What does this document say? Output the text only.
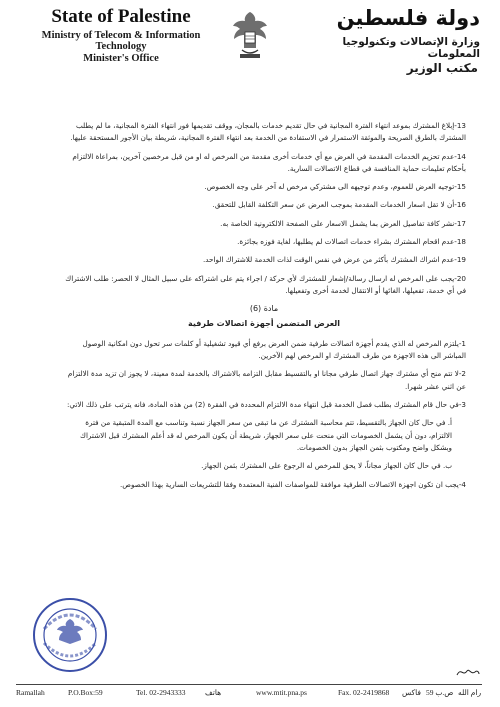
State of Palestine
Ministry of Telecom & Information Technology
Minister's Office
دولة فلسطين
وزارة الإتصالات وتكنولوجيا المعلومات
مكتب الوزير
13-إبلاغ المشترك بموعد انتهاء الفترة المجانية في حال تقديم خدمات بالمجان، ووقف تقديمها فور انتهاء الفترة المجانية، ما لم يطلب المشترك بالطرق الصريحة والموثقة الاستمرار في الاستفادة من الخدمة بعد انتهاء الفترة المجانية، شريطة بيان الأجور المستحقة عليها.
14-عدم تحزيم الخدمات المقدمة في العرض مع أي خدمات أخرى مقدمة من المرخص له او من قبل مرخصين آخرين، بمراعاة الالتزام بأحكام تعليمات حماية المنافسة في قطاع الاتصالات السارية.
15-توجيه العرض للعموم، وعدم توجيهه الى مشتركي مرخص له آخر على وجه الخصوص.
16-أن لا تقل اسعار الخدمات المقدمة بموجب العرض عن سعر التكلفة القابل للتحقق.
17-نشر كافة تفاصيل العرض بما يشمل الاسعار على الصفحة الالكترونية الخاصة به.
18-عدم اقحام المشترك بشراء خدمات اتصالات لم يطلبها، لغاية فوزه بجائزة.
19-عدم اشراك المشترك بأكثر من عرض في نفس الوقت لذات الخدمة للاشتراك الواحد.
20-يجب على المرخص له ارسال رسالة/إشعار للمشترك لأي حركة / اجراء يتم على اشتراكه على سبيل المثال لا الحصر: طلب الاشتراك في أي خدمة، تفعيلها، الغائها أو الانتقال لخدمة أخرى وتفعيلها.
مادة (6)
العرض المتضمن أجهزة اتصالات طرفية
1-يلتزم المرخص له الذي يقدم أجهزة اتصالات طرفية ضمن العرض برفع أي قيود تشغيلية أو كلمات سر تحول دون امكانية الوصول المباشر الى هذه الاجهزة من طرف المشترك او المرخص لهم الآخرين.
2-لا تتم منح أي مشترك جهاز اتصال طرفي مجانا او بالتقسيط مقابل التزامه بالاشتراك بالخدمة لمدة معينة، لا يجوز ان تزيد مدة الالتزام عن اثني عشر شهرا.
3-في حال قام المشترك بطلب فصل الخدمة قبل انتهاء مدة الالتزام المحددة في الفقرة (2) من هذه المادة، فانه يترتب على ذلك الاتي:
أ. في حال كان الجهاز بالتقسيط، تتم محاسبة المشترك عن ما تبقى من سعر الجهاز نسبة وتناسب مع المدة المتبقية من فترة الالتزام، دون أن يشمل الخصومات التي منحت على سعر الجهاز، شريطة أن يكون المرخص له قد أعلم المشترك قبل الاشتراك وبشكل واضح ومكتوب بثمن الجهاز بدون الخصومات.
ب. في حال كان الجهاز مجاناً، لا يحق للمرخص له الرجوع على المشترك بثمن الجهاز.
4-يجب ان تكون اجهزة الاتصالات الطرفية موافقة للمواصفات الفنية المعتمدة وفقا للتشريعات السارية بهذا الخصوص.
Ramallah	P.O.Box:59	Tel. 02-2943333	هاتف	www.mtit.pna.ps	Fax. 02-2419868 فاكس ص.ب 59 رام الله
